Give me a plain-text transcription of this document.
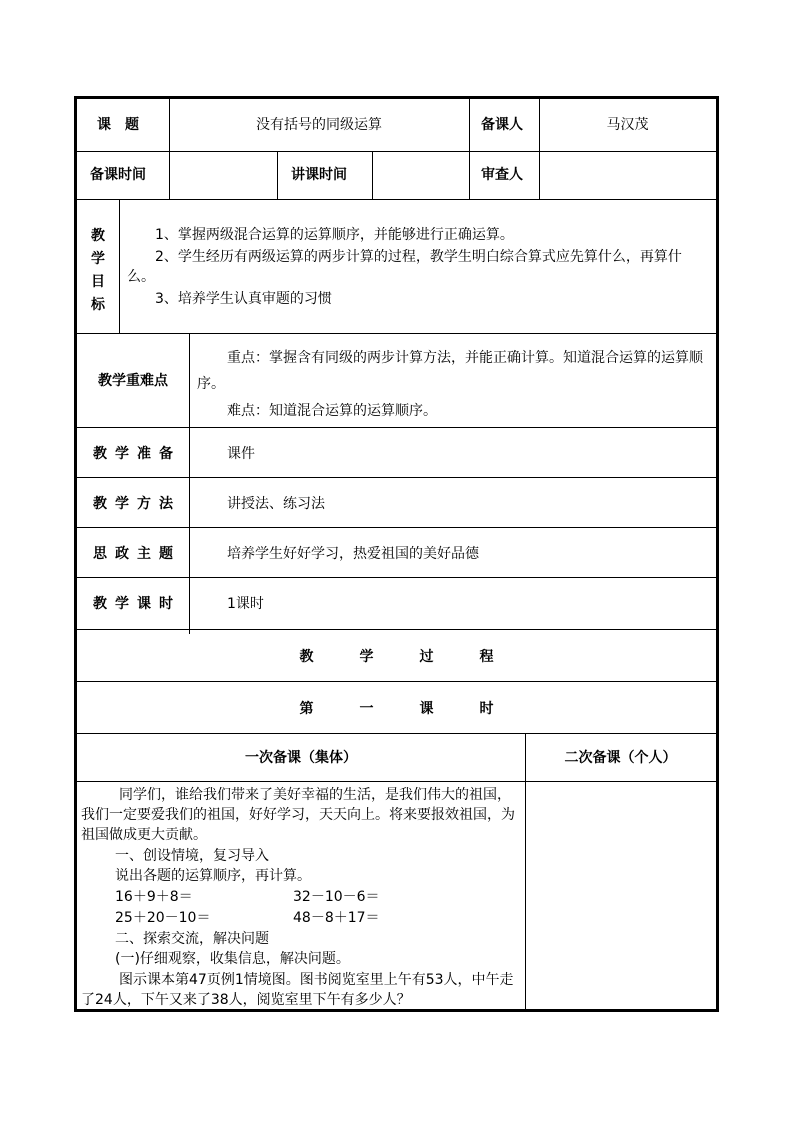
课　题	没有括号的同级运算	备课人	马汉茂
备课时间	讲课时间	审查人
教
学
目
标
1、掌握两级混合运算的运算顺序，并能够进行正确运算。
2、学生经历有两级运算的两步计算的过程，教学生明白综合算式应先算什么，再算什么。
3、培养学生认真审题的习惯
教学重难点
重点：掌握含有同级的两步计算方法，并能正确计算。知道混合运算的运算顺序。
难点：知道混合运算的运算顺序。
教学准备	课件
教学方法	讲授法、练习法
思政主题	培养学生好好学习，热爱祖国的美好品德
教学课时	1课时
教学过程
第一课时
一次备课（集体）	二次备课（个人）
同学们，谁给我们带来了美好幸福的生活，是我们伟大的祖国，我们一定要爱我们的祖国，好好学习，天天向上。将来要报效祖国，为祖国做成更大贡献。
一、创设情境，复习导入
说出各题的运算顺序，再计算。
16＋9＋8＝	32－10－6＝
25＋20－10＝	48－8＋17＝
二、探索交流，解决问题
(一)仔细观察，收集信息，解决问题。
图示课本第47页例1情境图。图书阅览室里上午有53人，中午走了24人，下午又来了38人，阅览室里下午有多少人？
